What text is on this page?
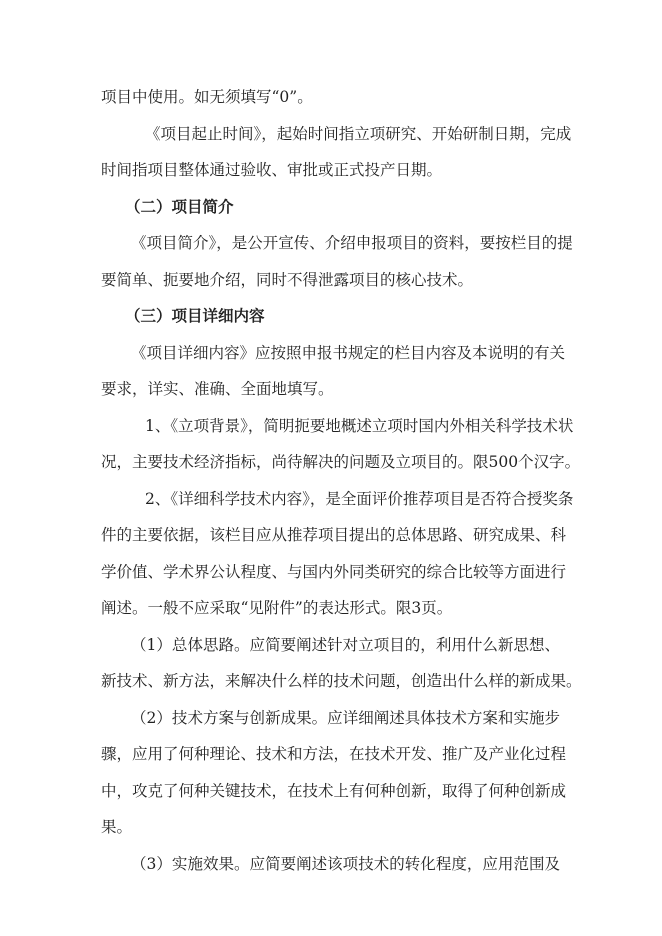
项目中使用。如无须填写“0”。
《项目起止时间》，起始时间指立项研究、开始研制日期，完成
时间指项目整体通过验收、审批或正式投产日期。
（二）项目简介
《项目简介》，是公开宣传、介绍申报项目的资料，要按栏目的提
要简单、扼要地介绍，同时不得泄露项目的核心技术。
（三）项目详细内容
《项目详细内容》应按照申报书规定的栏目内容及本说明的有关
要求，详实、准确、全面地填写。
1、《立项背景》，简明扼要地概述立项时国内外相关科学技术状
况，主要技术经济指标，尚待解决的问题及立项目的。限500个汉字。
2、《详细科学技术内容》，是全面评价推荐项目是否符合授奖条
件的主要依据，该栏目应从推荐项目提出的总体思路、研究成果、科
学价值、学术界公认程度、与国内外同类研究的综合比较等方面进行
阐述。一般不应采取“见附件”的表达形式。限3页。
（1）总体思路。应简要阐述针对立项目的，利用什么新思想、
新技术、新方法，来解决什么样的技术问题，创造出什么样的新成果。
（2）技术方案与创新成果。应详细阐述具体技术方案和实施步
骤，应用了何种理论、技术和方法，在技术开发、推广及产业化过程
中，攻克了何种关键技术，在技术上有何种创新，取得了何种创新成
果。
（3）实施效果。应简要阐述该项技术的转化程度，应用范围及
